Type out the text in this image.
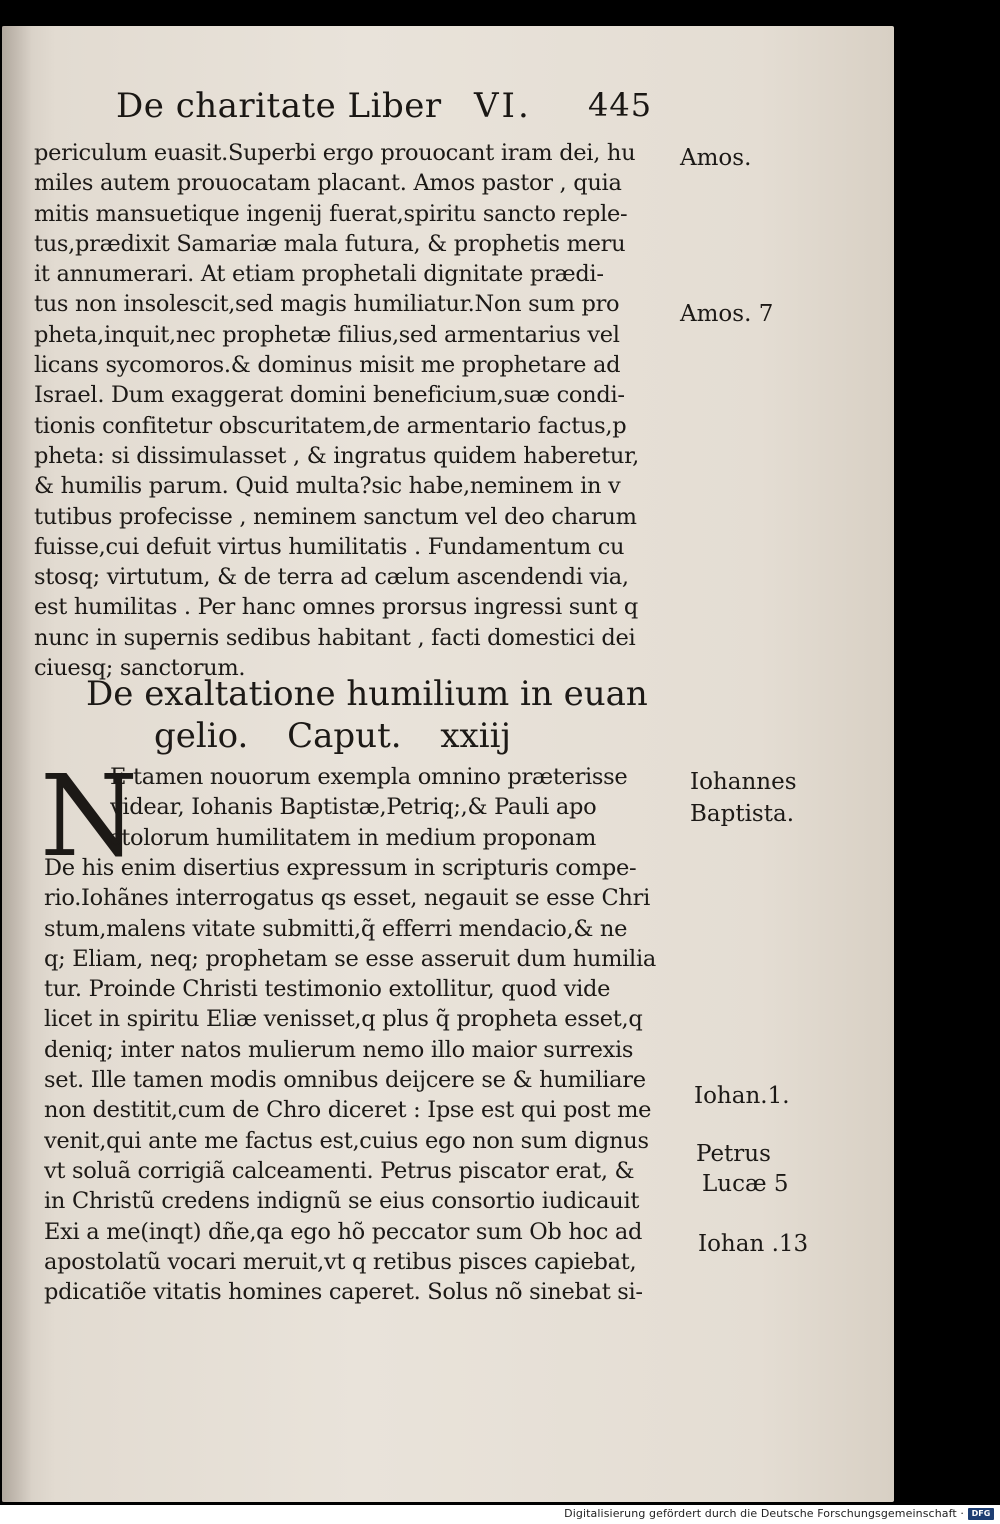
De charitate Liber VI. 445
periculum euasit.Superbi ergo prouocant iram dei, hu
miles autem prouocatam placant. Amos pastor , quia
mitis mansuetique ingenij fuerat,spiritu sancto reple-
tus,prædixit Samariæ mala futura, & prophetis meru
it annumerari. At etiam prophetali dignitate prædi-
tus non insolescit,sed magis humiliatur.Non sum pro
pheta,inquit,nec prophetæ filius,sed armentarius vel
licans sycomoros.& dominus misit me prophetare ad
Israel. Dum exaggerat domini beneficium,suæ condi-
tionis confitetur obscuritatem,de armentario factus,p
pheta: si dissimulasset , & ingratus quidem haberetur,
& humilis parum. Quid multa?sic habe,neminem in v
tutibus profecisse , neminem sanctum vel deo charum
fuisse,cui defuit virtus humilitatis . Fundamentum cu
stosq; virtutum, & de terra ad cælum ascendendi via,
est humilitas . Per hanc omnes prorsus ingressi sunt q
nunc in supernis sedibus habitant , facti domestici dei
ciuesq; sanctorum.
De exaltatione humilium in euan
gelio. Caput. xxiij
N
E tamen nouorum exempla omnino præterisse
videar, Iohanis Baptistæ,Petriq;,& Pauli apo
stolorum humilitatem in medium proponam
De his enim disertius expressum in scripturis compe-
rio.Iohãnes interrogatus qs esset, negauit se esse Chri
stum,malens vitate submitti,q̃ efferri mendacio,& ne
q; Eliam, neq; prophetam se esse asseruit dum humilia
tur. Proinde Christi testimonio extollitur, quod vide
licet in spiritu Eliæ venisset,q plus q̃ propheta esset,q
deniq; inter natos mulierum nemo illo maior surrexis
set. Ille tamen modis omnibus deijcere se & humiliare
non destitit,cum de Chro diceret : Ipse est qui post me
venit,qui ante me factus est,cuius ego non sum dignus
vt soluã corrigiã calceamenti. Petrus piscator erat, &
in Christũ credens indignũ se eius consortio iudicauit
Exi a me(inqt) dñe,qa ego hõ peccator sum Ob hoc ad
apostolatũ vocari meruit,vt q retibus pisces capiebat,
pdicatiõe vitatis homines caperet. Solus nõ sinebat si-
Amos.
Amos. 7
Iohannes
Baptista.
Iohan.1.
Petrus
Lucæ 5
Iohan .13
Digitalisierung gefördert durch die Deutsche Forschungsgemeinschaft · DFG
